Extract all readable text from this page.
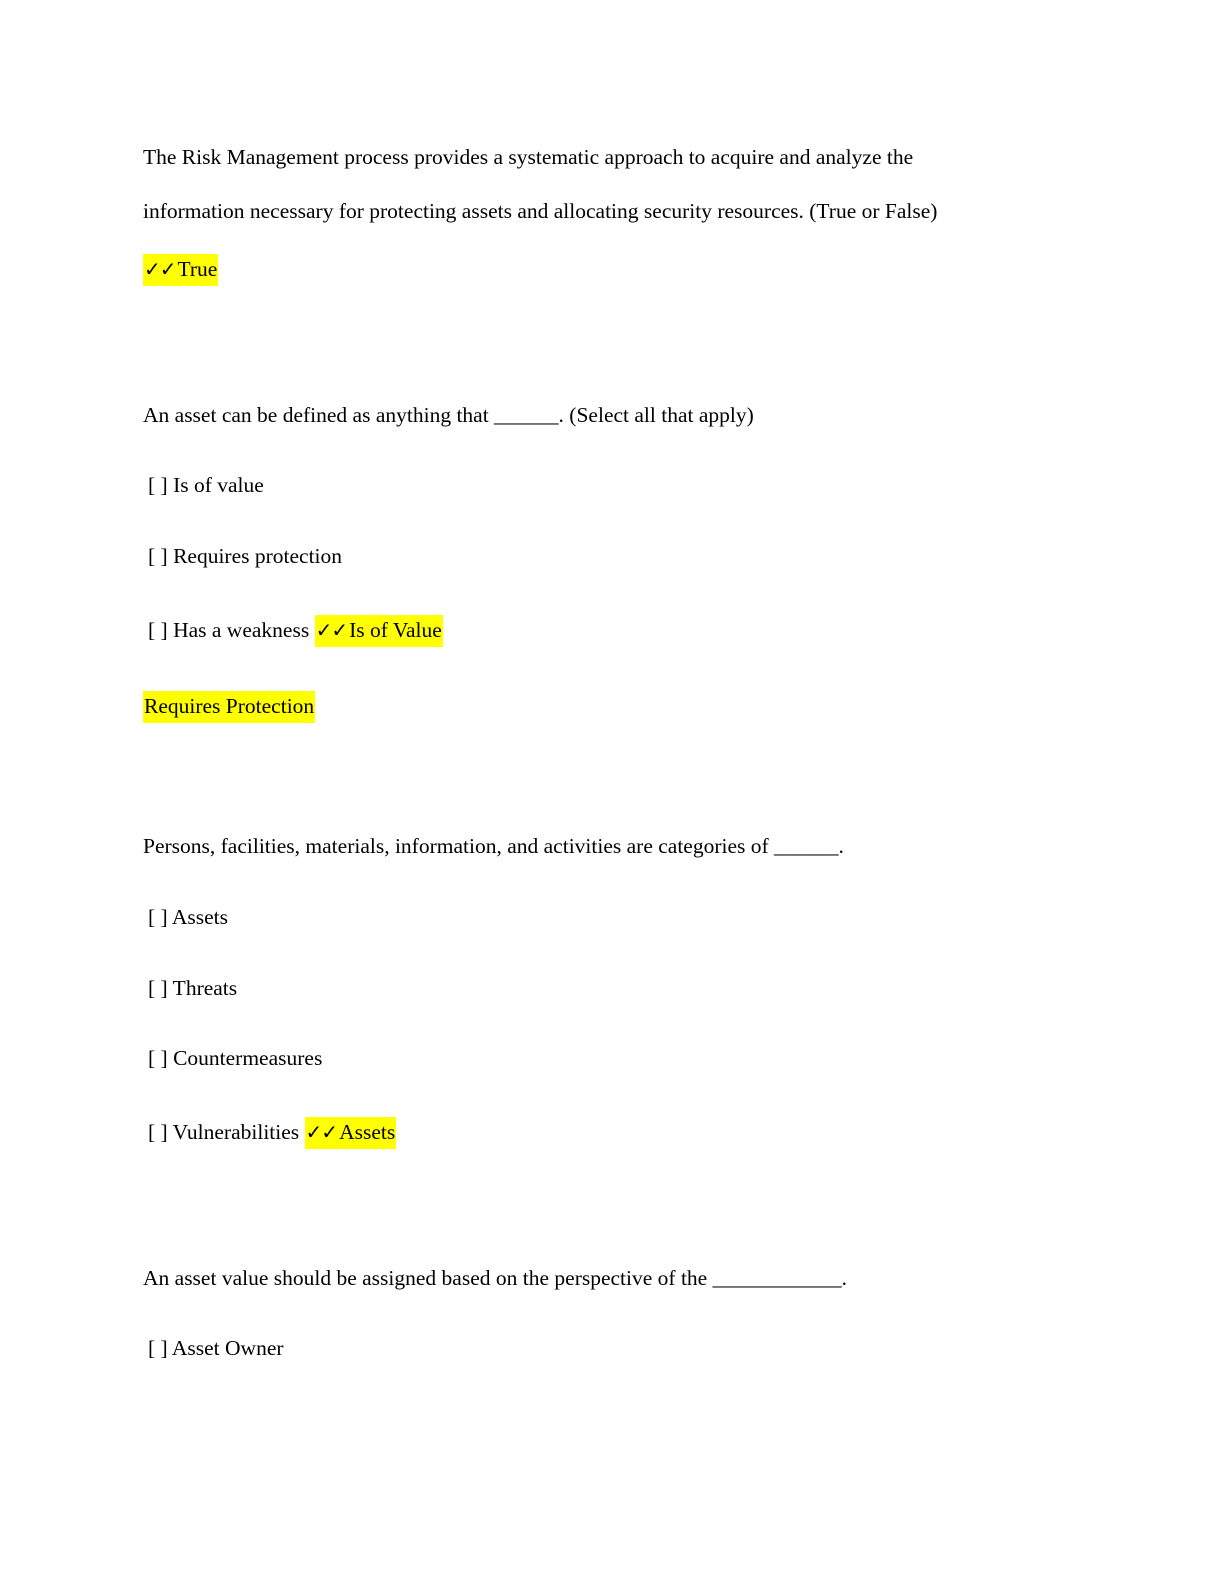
The Risk Management process provides a systematic approach to acquire and analyze the
information necessary for protecting assets and allocating security resources. (True or False)
✓✓True
An asset can be defined as anything that ______. (Select all that apply)
[ ] Is of value
[ ] Requires protection
[ ] Has a weakness ✓✓Is of Value
Requires Protection
Persons, facilities, materials, information, and activities are categories of ______.
[ ] Assets
[ ] Threats
[ ] Countermeasures
[ ] Vulnerabilities ✓✓Assets
An asset value should be assigned based on the perspective of the ____________.
[ ] Asset Owner
